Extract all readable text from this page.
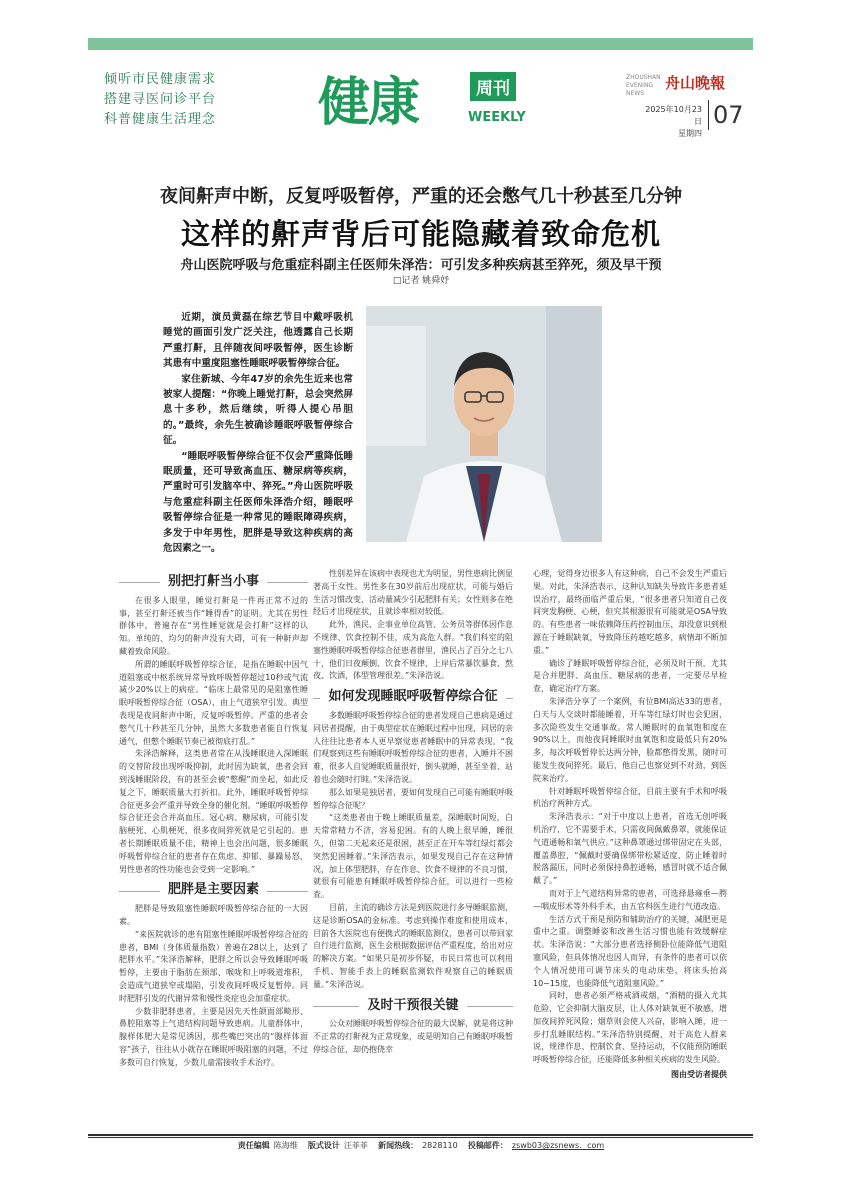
倾听市民健康需求
搭建寻医问诊平台
科普健康生活理念 健康	周刊
WEEKLY
ZHOUSHAN EVENING NEWS
舟山晚報
2025年10月23日
星期四
07
夜间鼾声中断，反复呼吸暂停，严重的还会憋气几十秒甚至几分钟
这样的鼾声背后可能隐藏着致命危机
舟山医院呼吸与危重症科副主任医师朱泽浩：可引发多种疾病甚至猝死，须及早干预
□记者 姚舜妤

近期，演员黄磊在综艺节目中戴呼吸机睡觉的画面引发广泛关注，他透露自己长期严重打鼾，且伴随夜间呼吸暂停，医生诊断其患有中重度阻塞性睡眠呼吸暂停综合征。

家住新城、今年47岁的余先生近来也常被家人提醒：“你晚上睡觉打鼾，总会突然屏息十多秒，然后继续，听得人提心吊胆的。”最终，余先生被确诊睡眠呼吸暂停综合征。

“睡眠呼吸暂停综合征不仅会严重降低睡眠质量，还可导致高血压、糖尿病等疾病，严重时可引发脑卒中、猝死。”舟山医院呼吸与危重症科副主任医师朱泽浩介绍，睡眠呼吸暂停综合征是一种常见的睡眠障碍疾病，多发于中年男性，肥胖是导致这种疾病的高危因素之一。

别把打鼾当小事

在很多人眼里，睡觉打鼾是一件再正常不过的事，甚至打鼾还被当作“睡得香”的证明。尤其在男性群体中，普遍存在“男性睡觉就是会打鼾”这样的认知。单纯的、均匀的鼾声没有大碍，可有一种鼾声却藏着致命风险。

所谓的睡眠呼吸暂停综合征，是指在睡眠中因气道阻塞或中枢系统异常导致呼吸暂停超过10秒或气流减少20%以上的病症。“临床上最常见的是阻塞性睡眠呼吸暂停综合征（OSA），由上气道狭窄引发。典型表现是夜间鼾声中断，反复呼吸暂停。严重的患者会憋气几十秒甚至几分钟，虽然大多数患者能自行恢复通气，但憋个睡眠节奏已被彻底打乱。”

朱泽浩解释，这类患者常在从浅睡眠进入深睡眠的交替阶段出现呼吸抑制，此时因为缺氧，患者会回到浅睡眠阶段，有的甚至会被“憋醒”而坐起，如此反复之下，睡眠质量大打折扣。此外，睡眠呼吸暂停综合征更多会严重并导致全身的催化剂。“睡眠呼吸暂停综合征还会合并高血压、冠心病、糖尿病，可能引发脑梗死、心肌梗死，很多夜间猝死就是它引起的。患者长期睡眠质量不佳，精神上也会出问题，很多睡眠呼吸暂停综合征的患者存在焦虑、抑郁、暴躁易怒，男性患者的性功能也会受到一定影响。”

肥胖是主要因素

肥胖是导致阻塞性睡眠呼吸暂停综合征的一大因素。

“来医院就诊的患有阻塞性睡眠呼吸暂停综合征的患者，BMI（身体质量指数）普遍在28以上，达到了肥胖水平。”朱泽浩解释，肥胖之所以会导致睡眠呼吸暂停，主要由于脂肪在颈部、喉咙和上呼吸道堆积，会造成气道狭窄或塌陷，引发夜间呼吸反复暂停。同时肥胖引发的代谢异常和慢性炎症也会加重症状。

少数非肥胖患者，主要是因先天性颌面部畸形、鼻腔阻塞等上气道结构问题导致患病。儿童群体中，腺样体肥大是常见诱因，那些嘴巴突出的“腺样体面容”孩子，往往从小就存在睡眠呼吸阻塞的问题，不过多数可自行恢复，少数儿童需接收手术治疗。

性别差异在该病中表现也尤为明显，男性患病比例显著高于女性。男性多在30岁前后出现症状，可能与婚后生活习惯改变、活动量减少引起肥胖有关；女性则多在绝经后才出现症状，且就诊率相对较低。

此外，渔民、企事业单位高管、公务员等群体因作息不规律、饮食控制不佳，成为高危人群。“我们科室的阻塞性睡眠呼吸暂停综合征患者群里，渔民占了百分之七八十，他们日夜颠倒、饮食不规律，上岸后常暴饮暴食、熬夜、饮酒，体型管理很差。”朱泽浩说。

如何发现睡眠呼吸暂停综合征

多数睡眠呼吸暂停综合征的患者发现自己患病是通过同居者提醒，由于典型症状在睡眠过程中出现，同居的亲人往往比患者本人更早察觉患者睡眠中的异常表现。“我们观察到这些有睡眠呼吸暂停综合征的患者，入睡并不困难，很多人自觉睡眠质量很好，倒头就睡，甚至坐着、站着也会随时打盹。”朱泽浩说。

那么如果是独居者，要如何发现自己可能有睡眠呼吸暂停综合征呢？

“这类患者由于晚上睡眠质量差，深睡眠时间短，白天常常精力不济，容易犯困。有的人晚上很早睡，睡很久，但第二天起来还是很困，甚至正在开车等红绿灯都会突然犯困睡着。”朱泽浩表示，如果发现自己存在这种情况，加上体型肥胖，存在作息、饮食不规律的不良习惯，就很有可能患有睡眠呼吸暂停综合征，可以进行一些检查。

目前，主流的确诊方法是到医院进行多导睡眠监测，这是诊断OSA的金标准。考虑到操作难度和使用成本，目前各大医院也有便携式的睡眠监测仪，患者可以带回家自行进行监测，医生会根据数据评估严重程度，给出对应的解决方案。“如果只是初步怀疑，市民日常也可以利用手机、智能手表上的睡眠监测软件观察自己的睡眠质量。”朱泽浩说。

及时干预很关键

公众对睡眠呼吸暂停综合征的最大误解，就是将这种不正常的打鼾视为正常现象，或是明知自己有睡眠呼吸暂停综合征，却仍抱侥幸

心理，觉得身边很多人有这种病，自己不会发生严重后果。对此，朱泽浩表示，这种认知缺失导致许多患者延误治疗，最终面临严重后果，“很多患者只知道自己夜间突发胸梗、心梗，但究其根源很有可能就是OSA导致的。有些患者一味依赖降压药控制血压，却没意识到根源在于睡眠缺氧，导致降压药越吃越多，病情却不断加重。”

确诊了睡眠呼吸暂停综合征，必须及时干预，尤其是合并肥胖、高血压、糖尿病的患者，一定要尽早检查，确定治疗方案。

朱泽浩分享了一个案例，有位BMI高达33的患者，白天与人交谈时都能睡着，开车等红绿灯时也会犯困，多次险些发生交通事故。常人睡眠时的血氧饱和度在90%以上，而他夜间睡眠时血氧饱和度最低只有20%多，每次呼吸暂停长达两分钟，脸都憋得发黑，随时可能发生夜间猝死。最后，他自己也察觉到不对劲，到医院来治疗。

针对睡眠呼吸暂停综合征，目前主要有手术和呼吸机治疗两种方式。

朱泽浩表示：“对于中度以上患者，首选无创呼吸机治疗，它不需要手术，只需夜间佩戴鼻罩，就能保证气道通畅和氧气供应。”这种鼻罩通过绑带固定在头部，覆盖鼻腔，“佩戴时要确保绑带松紧适度，防止睡着时脱落漏压，同时必须保持鼻腔通畅，感冒时就不适合佩戴了。”

而对于上气道结构异常的患者，可选择悬雍垂—腭—咽成形术等外科手术，由五官科医生进行气道改造。

生活方式干预是预防和辅助治疗的关键，减肥更是重中之重。调整睡姿和改善生活习惯也能有效缓解症状。朱泽浩说：“大部分患者选择侧卧位能降低气道阻塞风险，但具体情况也因人而异，有条件的患者可以依个人情况使用可调节床头的电动床垫，将床头抬高10~15度，也能降低气道阻塞风险。”

同时，患者必须严格戒酒戒烟，“酒精的摄入尤其危险，它会抑制大脑皮层，让人体对缺氧更不敏感，增加夜间猝死风险；烟草则会使人兴奋，影响入睡，进一步打乱睡眠结构。”朱泽浩特别提醒，对于高危人群来说，规律作息、控制饮食、坚持运动，不仅能预防睡眠呼吸暂停综合征，还能降低多种相关疾病的发生风险。

图由受访者提供
责任编辑 陈海维 版式设计 汪菲菲 新闻热线： 2828110 投稿邮件： zswb03@zsnews．com
